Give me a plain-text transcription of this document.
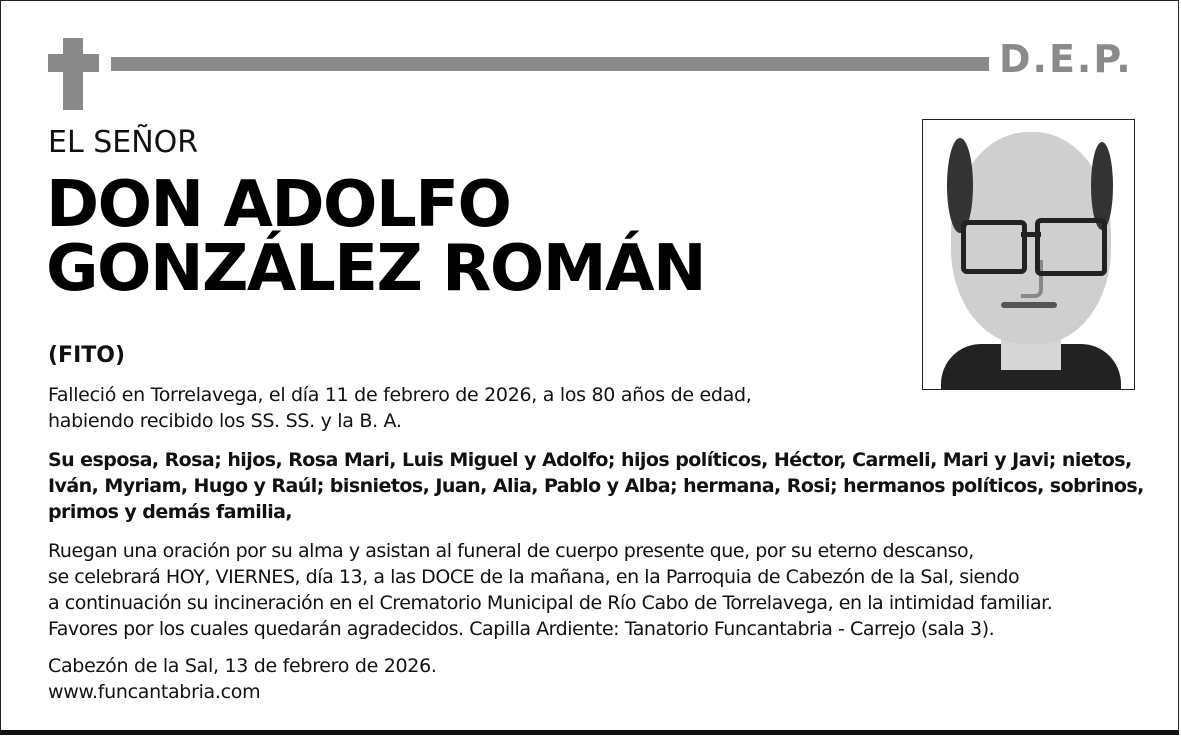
D.E.P.
EL SEÑOR
DON ADOLFO
GONZÁLEZ ROMÁN
(FITO)
Falleció en Torrelavega, el día 11 de febrero de 2026, a los 80 años de edad,
habiendo recibido los SS. SS. y la B. A.
Su esposa, Rosa; hijos, Rosa Mari, Luis Miguel y Adolfo; hijos políticos, Héctor, Carmeli, Mari y Javi; nietos,
Iván, Myriam, Hugo y Raúl; bisnietos, Juan, Alia, Pablo y Alba; hermana, Rosi; hermanos políticos, sobrinos,
primos y demás familia,
Ruegan una oración por su alma y asistan al funeral de cuerpo presente que, por su eterno descanso,
se celebrará HOY, VIERNES, día 13, a las DOCE de la mañana, en la Parroquia de Cabezón de la Sal, siendo
a continuación su incineración en el Crematorio Municipal de Río Cabo de Torrelavega, en la intimidad familiar.
Favores por los cuales quedarán agradecidos. Capilla Ardiente: Tanatorio Funcantabria - Carrejo (sala 3).
Cabezón de la Sal, 13 de febrero de 2026.
www.funcantabria.com
